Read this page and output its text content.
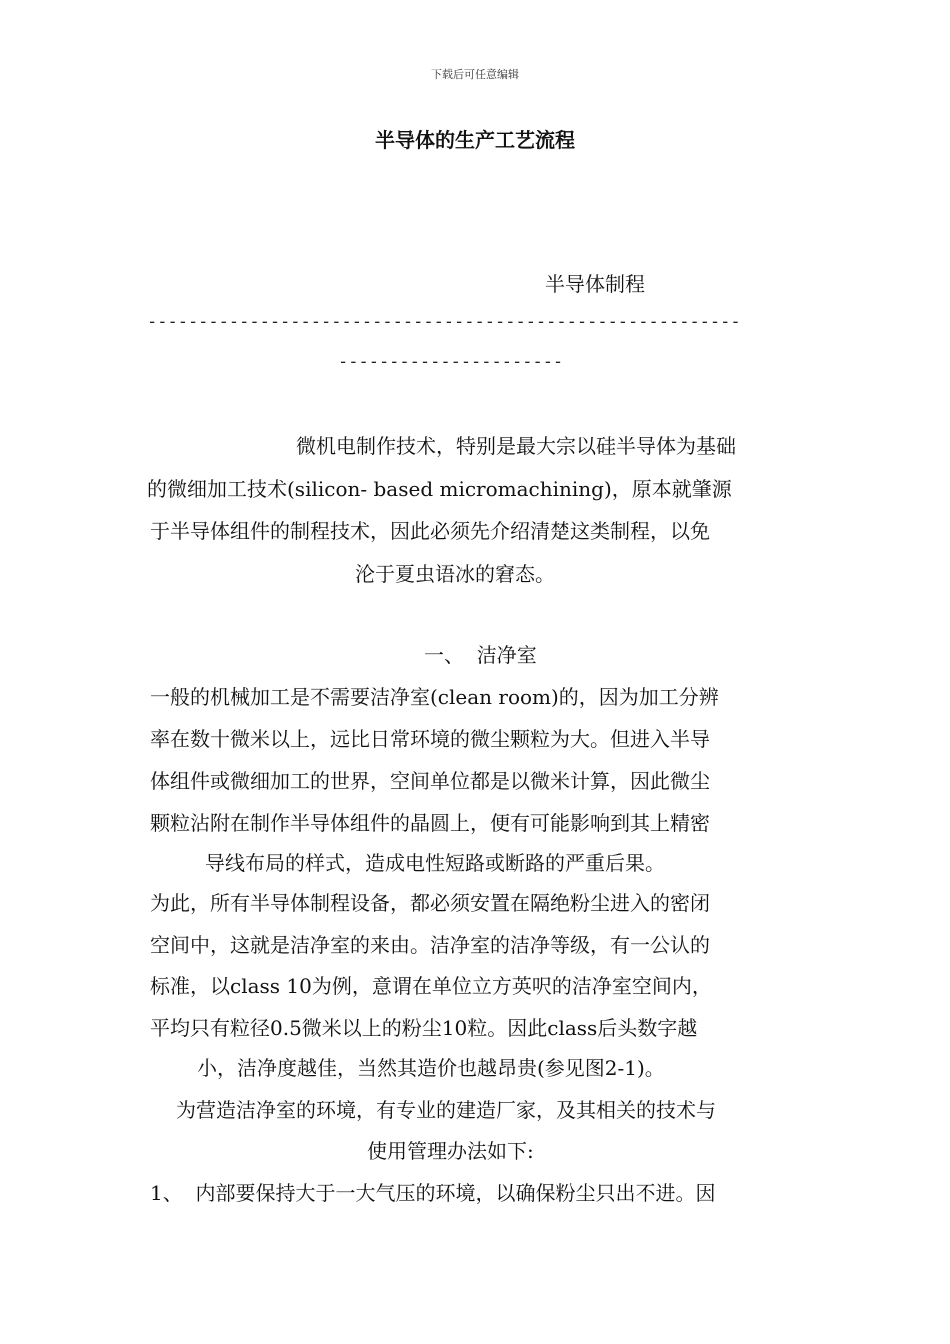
下载后可任意编辑
半导体的生产工艺流程
半导体制程
----------------------------------------------------------
----------------------
微机电制作技术，特别是最大宗以硅半导体为基础
的微细加工技术(silicon- based micromachining)，原本就肇源
于半导体组件的制程技术，因此必须先介绍清楚这类制程，以免
沦于夏虫语冰的窘态。
一、  洁净室
一般的机械加工是不需要洁净室(clean room)的，因为加工分辨
率在数十微米以上，远比日常环境的微尘颗粒为大。但进入半导
体组件或微细加工的世界，空间单位都是以微米计算，因此微尘
颗粒沾附在制作半导体组件的晶圆上，便有可能影响到其上精密
导线布局的样式，造成电性短路或断路的严重后果。
为此，所有半导体制程设备，都必须安置在隔绝粉尘进入的密闭
空间中，这就是洁净室的来由。洁净室的洁净等级，有一公认的
标准，以class 10为例，意谓在单位立方英呎的洁净室空间内，
平均只有粒径0.5微米以上的粉尘10粒。因此class后头数字越
小，洁净度越佳，当然其造价也越昂贵(参见图2-1)。
为营造洁净室的环境，有专业的建造厂家，及其相关的技术与
使用管理办法如下:
1、  内部要保持大于一大气压的环境，以确保粉尘只出不进。因
